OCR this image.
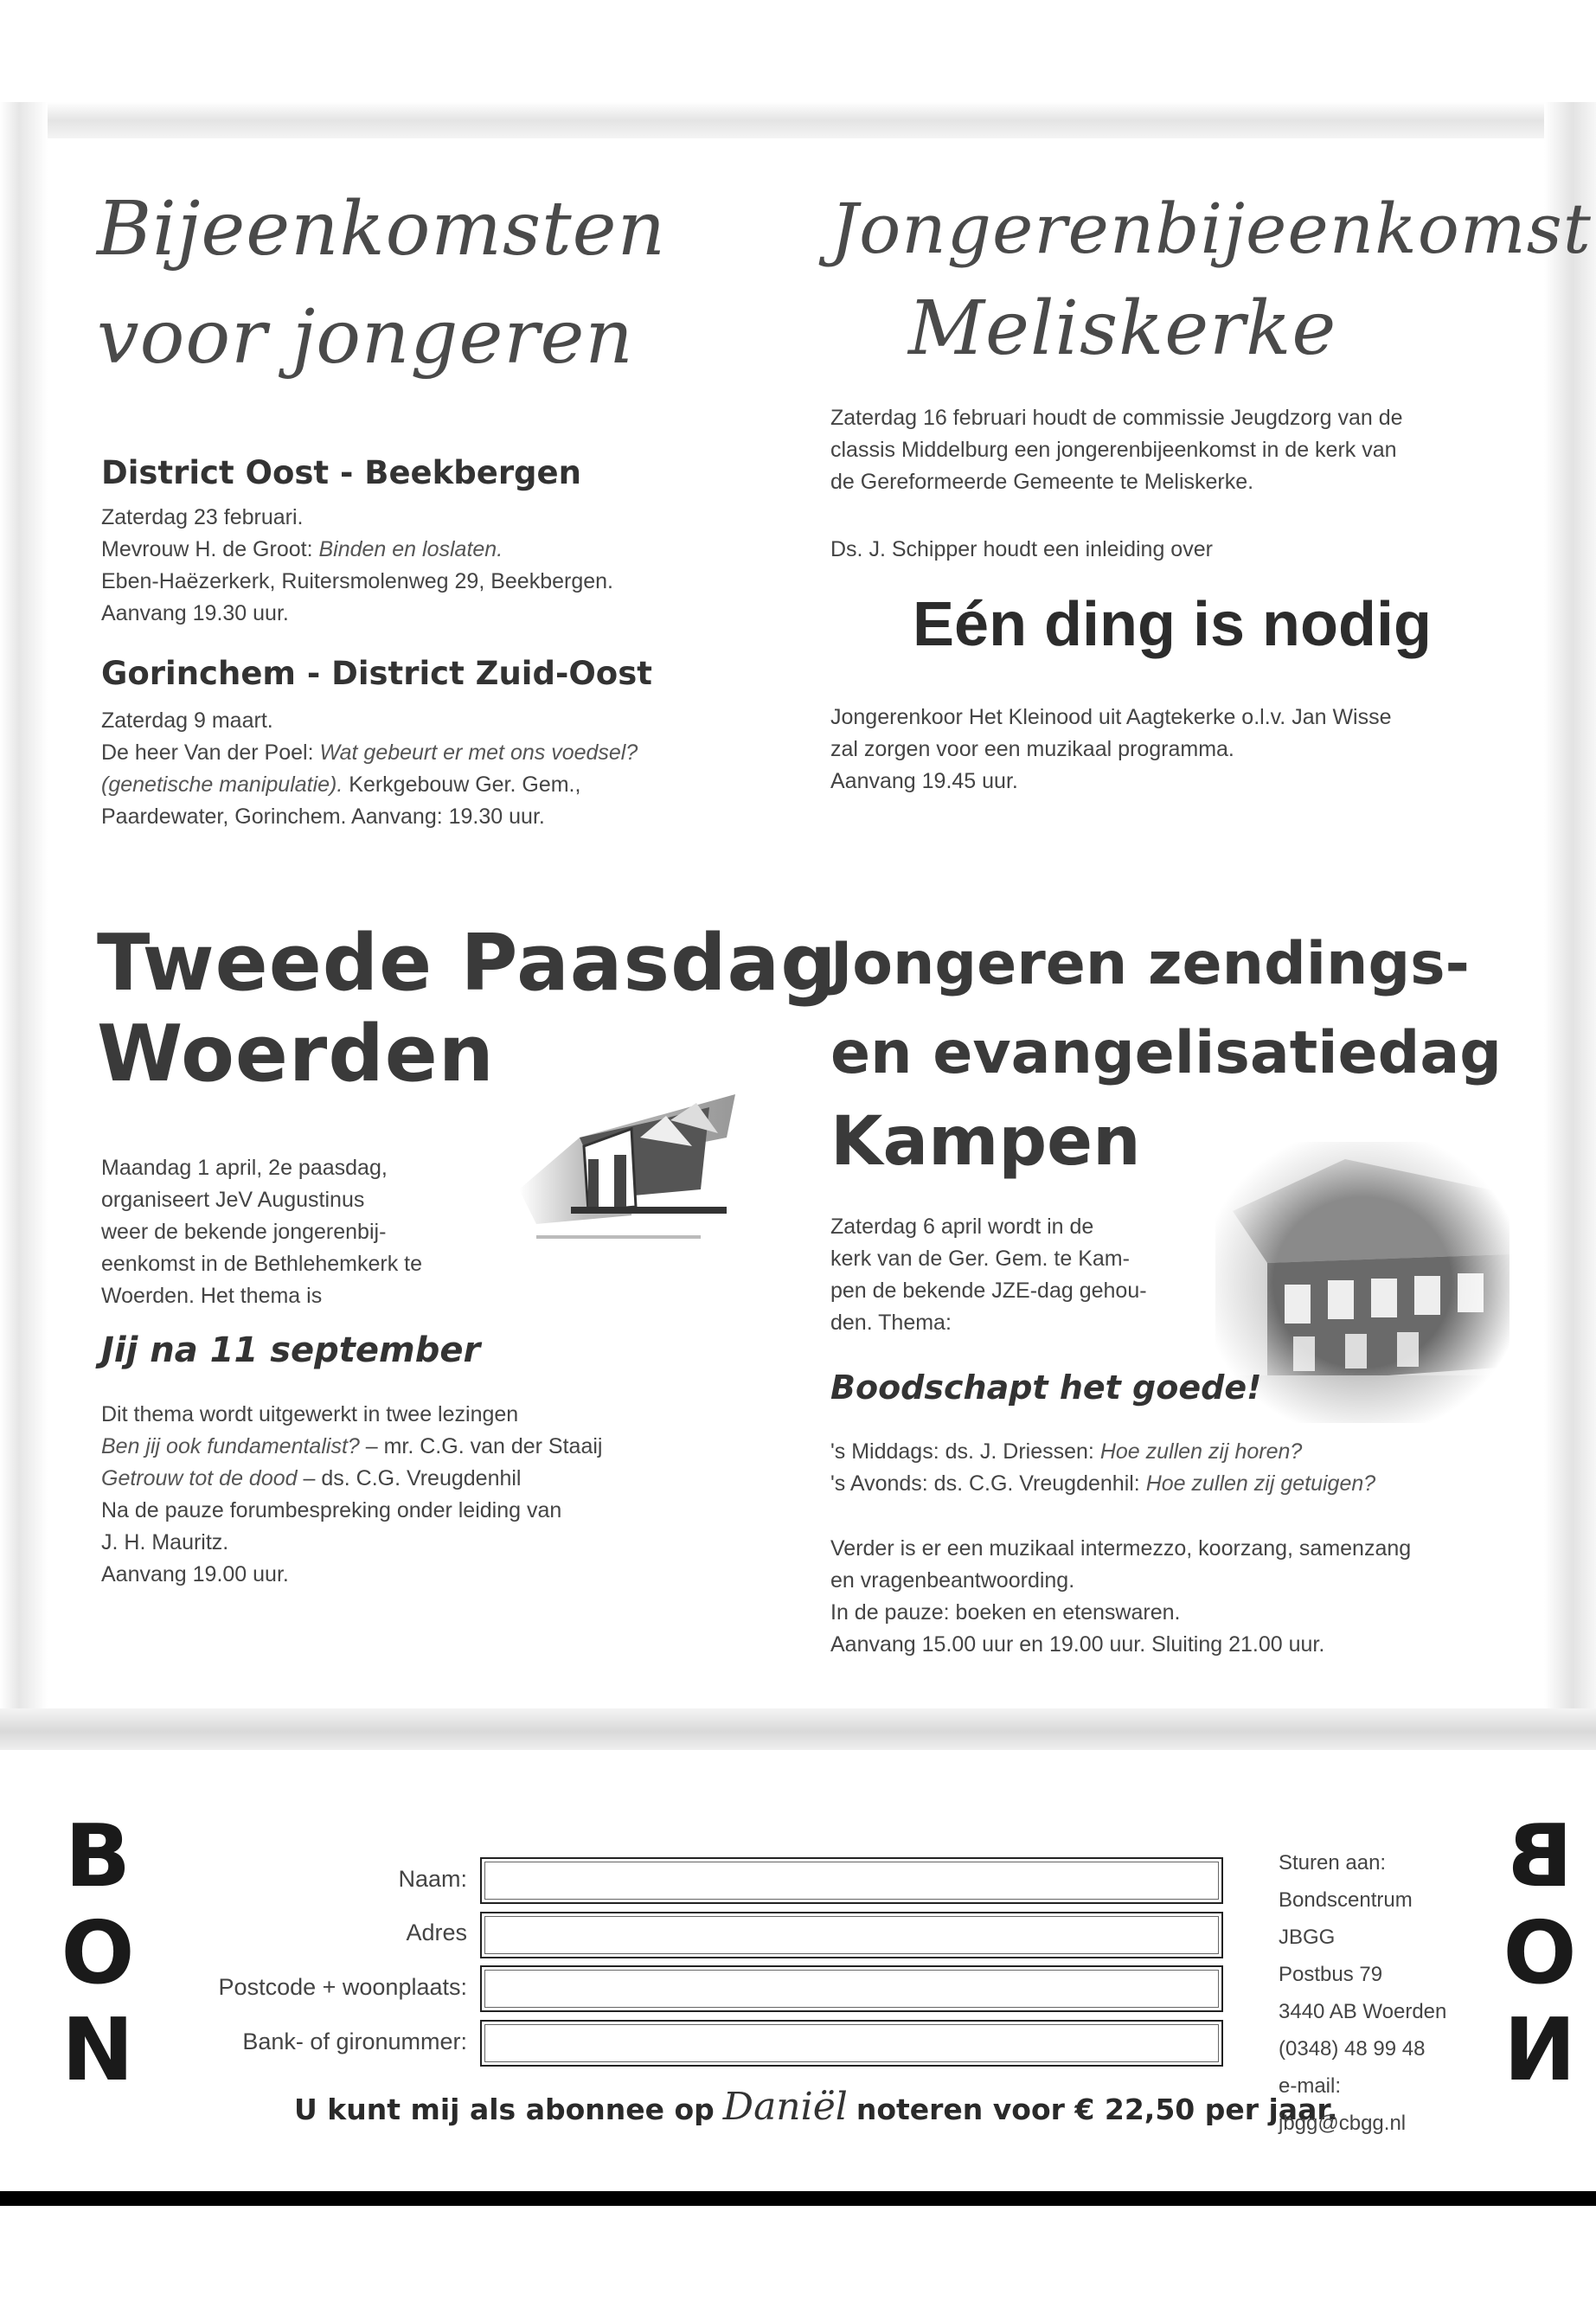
Bijeenkomsten
voor jongeren
District Oost - Beekbergen
Zaterdag 23 februari.
Mevrouw H. de Groot: Binden en loslaten.
Eben-Haëzerkerk, Ruitersmolenweg 29, Beekbergen.
Aanvang 19.30 uur.
Gorinchem - District Zuid-Oost
Zaterdag 9 maart.
De heer Van der Poel: Wat gebeurt er met ons voedsel?
(genetische manipulatie). Kerkgebouw Ger. Gem.,
Paardewater, Gorinchem. Aanvang: 19.30 uur.
Jongerenbijeenkomst
Meliskerke
Zaterdag 16 februari houdt de commissie Jeugdzorg van de
classis Middelburg een jongerenbijeenkomst in de kerk van
de Gereformeerde Gemeente te Meliskerke.
Ds. J. Schipper houdt een inleiding over
Eén ding is nodig
Jongerenkoor Het Kleinood uit Aagtekerke o.l.v. Jan Wisse
zal zorgen voor een muzikaal programma.
Aanvang 19.45 uur.
Tweede Paasdag
Woerden
Maandag 1 april, 2e paasdag,
organiseert JeV Augustinus
weer de bekende jongerenbij-
eenkomst in de Bethlehemkerk te
Woerden. Het thema is
Jij na 11 september
Dit thema wordt uitgewerkt in twee lezingen
Ben jij ook fundamentalist? – mr. C.G. van der Staaij
Getrouw tot de dood – ds. C.G. Vreugdenhil
Na de pauze forumbespreking onder leiding van
J. H. Mauritz.
Aanvang 19.00 uur.
Jongeren zendings-
en evangelisatiedag
Kampen
Zaterdag 6 april wordt in de
kerk van de Ger. Gem. te Kam-
pen de bekende JZE-dag gehou-
den. Thema:
Boodschapt het goede!
's Middags: ds. J. Driessen: Hoe zullen zij horen?
's Avonds: ds. C.G. Vreugdenhil: Hoe zullen zij getuigen?
Verder is er een muzikaal intermezzo, koorzang, samenzang
en vragenbeantwoording.
In de pauze: boeken en etenswaren.
Aanvang 15.00 uur en 19.00 uur. Sluiting 21.00 uur.
B
O
N
B
O
N
Naam:
Adres
Postcode + woonplaats:
Bank- of gironummer:
U kunt mij als abonnee op Daniël noteren voor € 22,50 per jaar.
Sturen aan:
Bondscentrum
JBGG
Postbus 79
3440 AB Woerden
(0348) 48 99 48
e-mail:
jbgg@cbgg.nl
